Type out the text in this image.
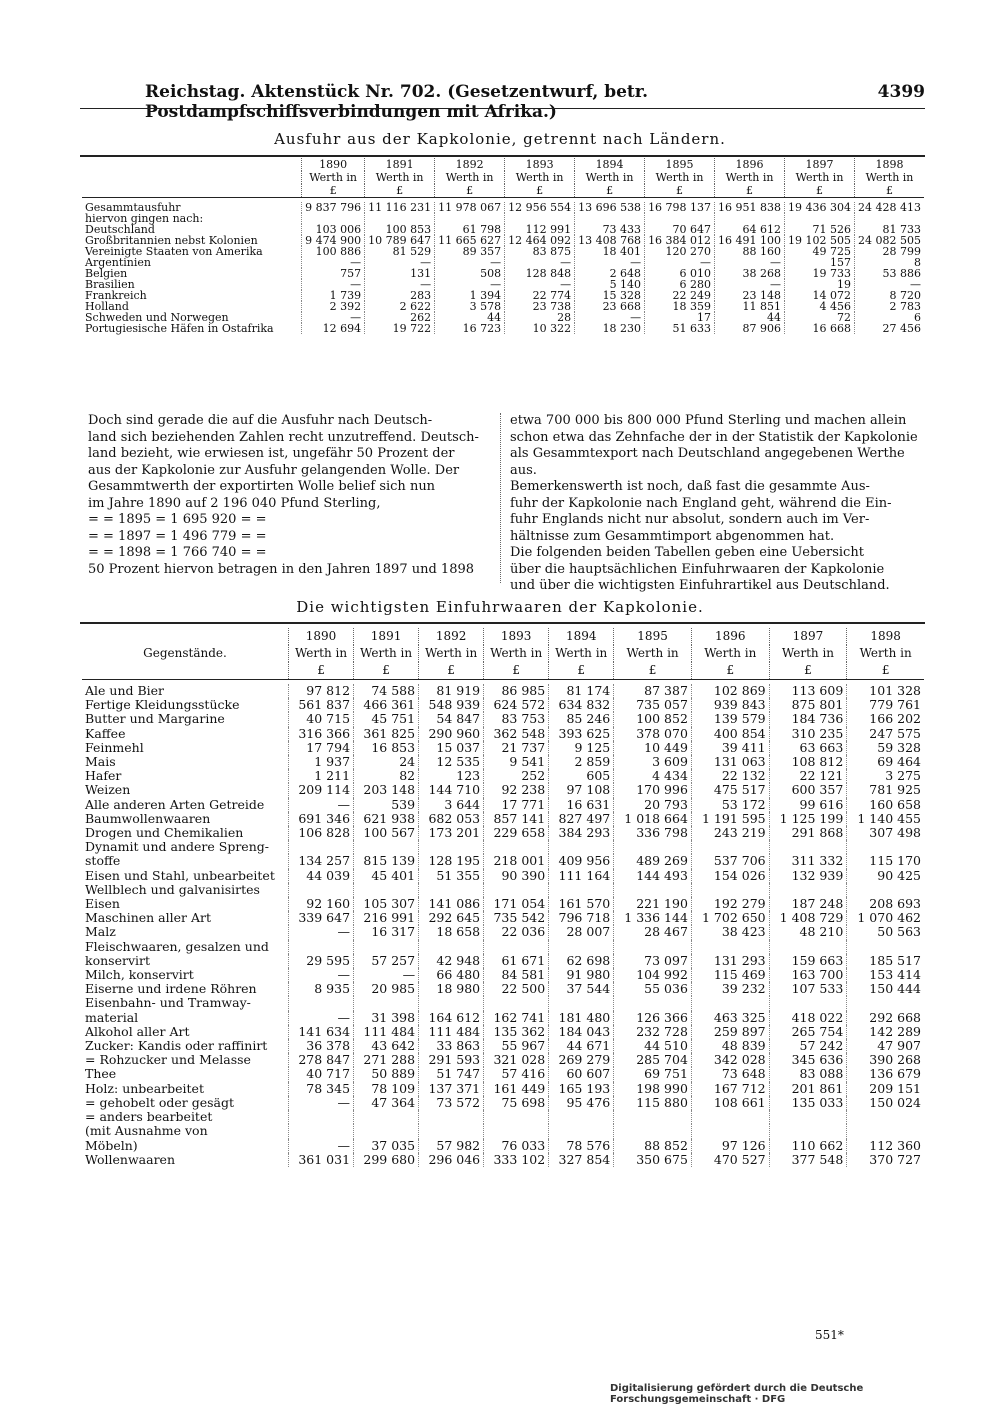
Reichstag. Aktenstück Nr. 702. (Gesetzentwurf, betr. Postdampfschiffsverbindungen mit Afrika.)
4399
Ausfuhr aus der Kapkolonie, getrennt nach Ländern.
	1890	1891	1892	1893	1894	1895	1896	1897	1898
	Werth in	Werth in	Werth in	Werth in	Werth in	Werth in	Werth in	Werth in	Werth in
	£	£	£	£	£	£	£	£	£

Gesammtausfuhr	9 837 796	11 116 231	11 978 067	12 956 554	13 696 538	16 798 137	16 951 838	19 436 304	24 428 413
hiervon gingen nach:									
Deutschland	103 006	100 853	61 798	112 991	73 433	70 647	64 612	71 526	81 733
Großbritannien nebst Kolonien	9 474 900	10 789 647	11 665 627	12 464 092	13 408 768	16 384 012	16 491 100	19 102 505	24 082 505
Vereinigte Staaten von Amerika	100 886	81 529	89 357	83 875	18 401	120 270	88 160	49 725	28 799
Argentinien	—	—	—	—	—	—	—	157	8
Belgien	757	131	508	128 848	2 648	6 010	38 268	19 733	53 886
Brasilien	—	—	—	—	5 140	6 280	—	19	—
Frankreich	1 739	283	1 394	22 774	15 328	22 249	23 148	14 072	8 720
Holland	2 392	2 622	3 578	23 738	23 668	18 359	11 851	4 456	2 783
Schweden und Norwegen	—	262	44	28	—	17	44	72	6
Portugiesische Häfen in Ostafrika	12 694	19 722	16 723	10 322	18 230	51 633	87 906	16 668	27 456

Doch sind gerade die auf die Ausfuhr nach Deutsch-

land sich beziehenden Zahlen recht unzutreffend. Deutsch-

land bezieht, wie erwiesen ist, ungefähr 50 Prozent der

aus der Kapkolonie zur Ausfuhr gelangenden Wolle. Der

Gesammtwerth der exportirten Wolle belief sich nun

im Jahre 1890 auf 2 196 040 Pfund Sterling,

= = 1895 = 1 695 920 = =

= = 1897 = 1 496 779 = =

= = 1898 = 1 766 740 = =

50 Prozent hiervon betragen in den Jahren 1897 und 1898

etwa 700 000 bis 800 000 Pfund Sterling und machen allein

schon etwa das Zehnfache der in der Statistik der Kapkolonie

als Gesammtexport nach Deutschland angegebenen Werthe aus.

Bemerkenswerth ist noch, daß fast die gesammte Aus-

fuhr der Kapkolonie nach England geht, während die Ein-

fuhr Englands nicht nur absolut, sondern auch im Ver-

hältnisse zum Gesammtimport abgenommen hat.

Die folgenden beiden Tabellen geben eine Uebersicht

über die hauptsächlichen Einfuhrwaaren der Kapkolonie

und über die wichtigsten Einfuhrartikel aus Deutschland.

Die wichtigsten Einfuhrwaaren der Kapkolonie.
	1890	1891	1892	1893	1894	1895	1896	1897	1898
Gegenstände.	Werth in	Werth in	Werth in	Werth in	Werth in	Werth in	Werth in	Werth in	Werth in
	£	£	£	£	£	£	£	£	£

Ale und Bier	97 812	74 588	81 919	86 985	81 174	87 387	102 869	113 609	101 328
Fertige Kleidungsstücke	561 837	466 361	548 939	624 572	634 832	735 057	939 843	875 801	779 761
Butter und Margarine	40 715	45 751	54 847	83 753	85 246	100 852	139 579	184 736	166 202
Kaffee	316 366	361 825	290 960	362 548	393 625	378 070	400 854	310 235	247 575
Feinmehl	17 794	16 853	15 037	21 737	9 125	10 449	39 411	63 663	59 328
Mais	1 937	24	12 535	9 541	2 859	3 609	131 063	108 812	69 464
Hafer	1 211	82	123	252	605	4 434	22 132	22 121	3 275
Weizen	209 114	203 148	144 710	92 238	97 108	170 996	475 517	600 357	781 925
Alle anderen Arten Getreide	—	539	3 644	17 771	16 631	20 793	53 172	99 616	160 658
Baumwollenwaaren	691 346	621 938	682 053	857 141	827 497	1 018 664	1 191 595	1 125 199	1 140 455
Drogen und Chemikalien	106 828	100 567	173 201	229 658	384 293	336 798	243 219	291 868	307 498
Dynamit und andere Spreng-									
stoffe	134 257	815 139	128 195	218 001	409 956	489 269	537 706	311 332	115 170
Eisen und Stahl, unbearbeitet	44 039	45 401	51 355	90 390	111 164	144 493	154 026	132 939	90 425
Wellblech und galvanisirtes									
Eisen	92 160	105 307	141 086	171 054	161 570	221 190	192 279	187 248	208 693
Maschinen aller Art	339 647	216 991	292 645	735 542	796 718	1 336 144	1 702 650	1 408 729	1 070 462
Malz	—	16 317	18 658	22 036	28 007	28 467	38 423	48 210	50 563
Fleischwaaren, gesalzen und									
konservirt	29 595	57 257	42 948	61 671	62 698	73 097	131 293	159 663	185 517
Milch, konservirt	—	—	66 480	84 581	91 980	104 992	115 469	163 700	153 414
Eiserne und irdene Röhren	8 935	20 985	18 980	22 500	37 544	55 036	39 232	107 533	150 444
Eisenbahn- und Tramway-									
material	—	31 398	164 612	162 741	181 480	126 366	463 325	418 022	292 668
Alkohol aller Art	141 634	111 484	111 484	135 362	184 043	232 728	259 897	265 754	142 289
Zucker: Kandis oder raffinirt	36 378	43 642	33 863	55 967	44 671	44 510	48 839	57 242	47 907
= Rohzucker und Melasse	278 847	271 288	291 593	321 028	269 279	285 704	342 028	345 636	390 268
Thee	40 717	50 889	51 747	57 416	60 607	69 751	73 648	83 088	136 679
Holz: unbearbeitet	78 345	78 109	137 371	161 449	165 193	198 990	167 712	201 861	209 151
= gehobelt oder gesägt	—	47 364	73 572	75 698	95 476	115 880	108 661	135 033	150 024
= anders bearbeitet									
(mit Ausnahme von									
Möbeln)	—	37 035	57 982	76 033	78 576	88 852	97 126	110 662	112 360
Wollenwaaren	361 031	299 680	296 046	333 102	327 854	350 675	470 527	377 548	370 727
551*
Digitalisierung gefördert durch die Deutsche Forschungsgemeinschaft · DFG
